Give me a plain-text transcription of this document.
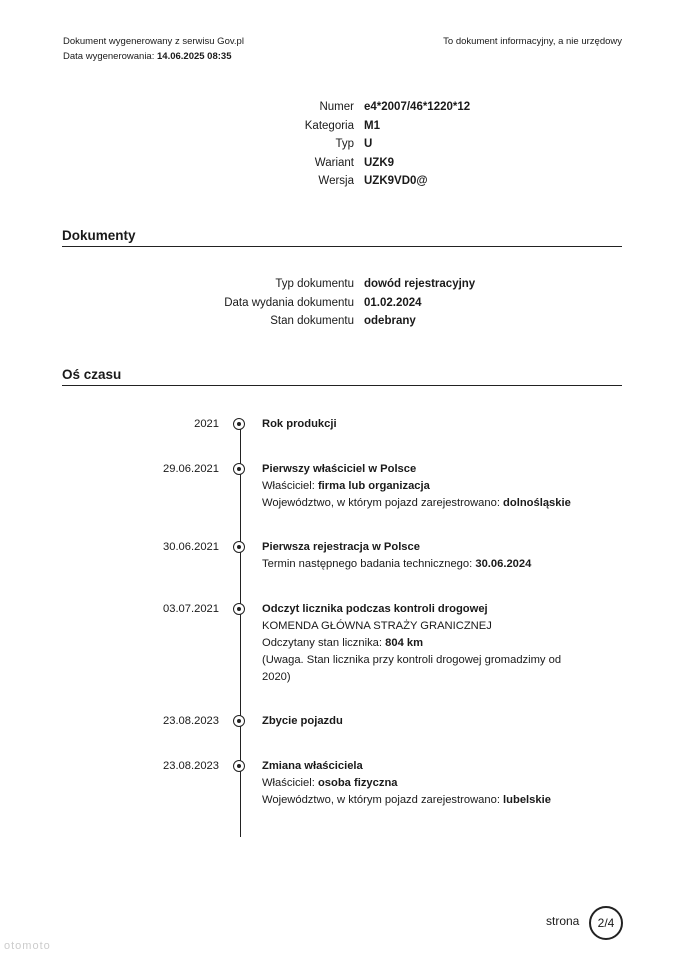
Dokument wygenerowany z serwisu Gov.pl
Data wygenerowania: 14.06.2025 08:35
To dokument informacyjny, a nie urzędowy
Numer e4*2007/46*1220*12
Kategoria M1
Typ U
Wariant UZK9
Wersja UZK9VD0@
Dokumenty
Typ dokumentu dowód rejestracyjny
Data wydania dokumentu 01.02.2024
Stan dokumentu odebrany
Oś czasu
2021	Rok produkcji
29.06.2021	Pierwszy właściciel w Polsce
Właściciel: firma lub organizacja
Województwo, w którym pojazd zarejestrowano: dolnośląskie
30.06.2021	Pierwsza rejestracja w Polsce
Termin następnego badania technicznego: 30.06.2024
03.07.2021	Odczyt licznika podczas kontroli drogowej
KOMENDA GŁÓWNA STRAŻY GRANICZNEJ
Odczytany stan licznika: 804 km
(Uwaga. Stan licznika przy kontroli drogowej gromadzimy od 2020)
23.08.2023	Zbycie pojazdu
23.08.2023	Zmiana właściciela
Właściciel: osoba fizyczna
Województwo, w którym pojazd zarejestrowano: lubelskie
strona	2/4
otomoto
